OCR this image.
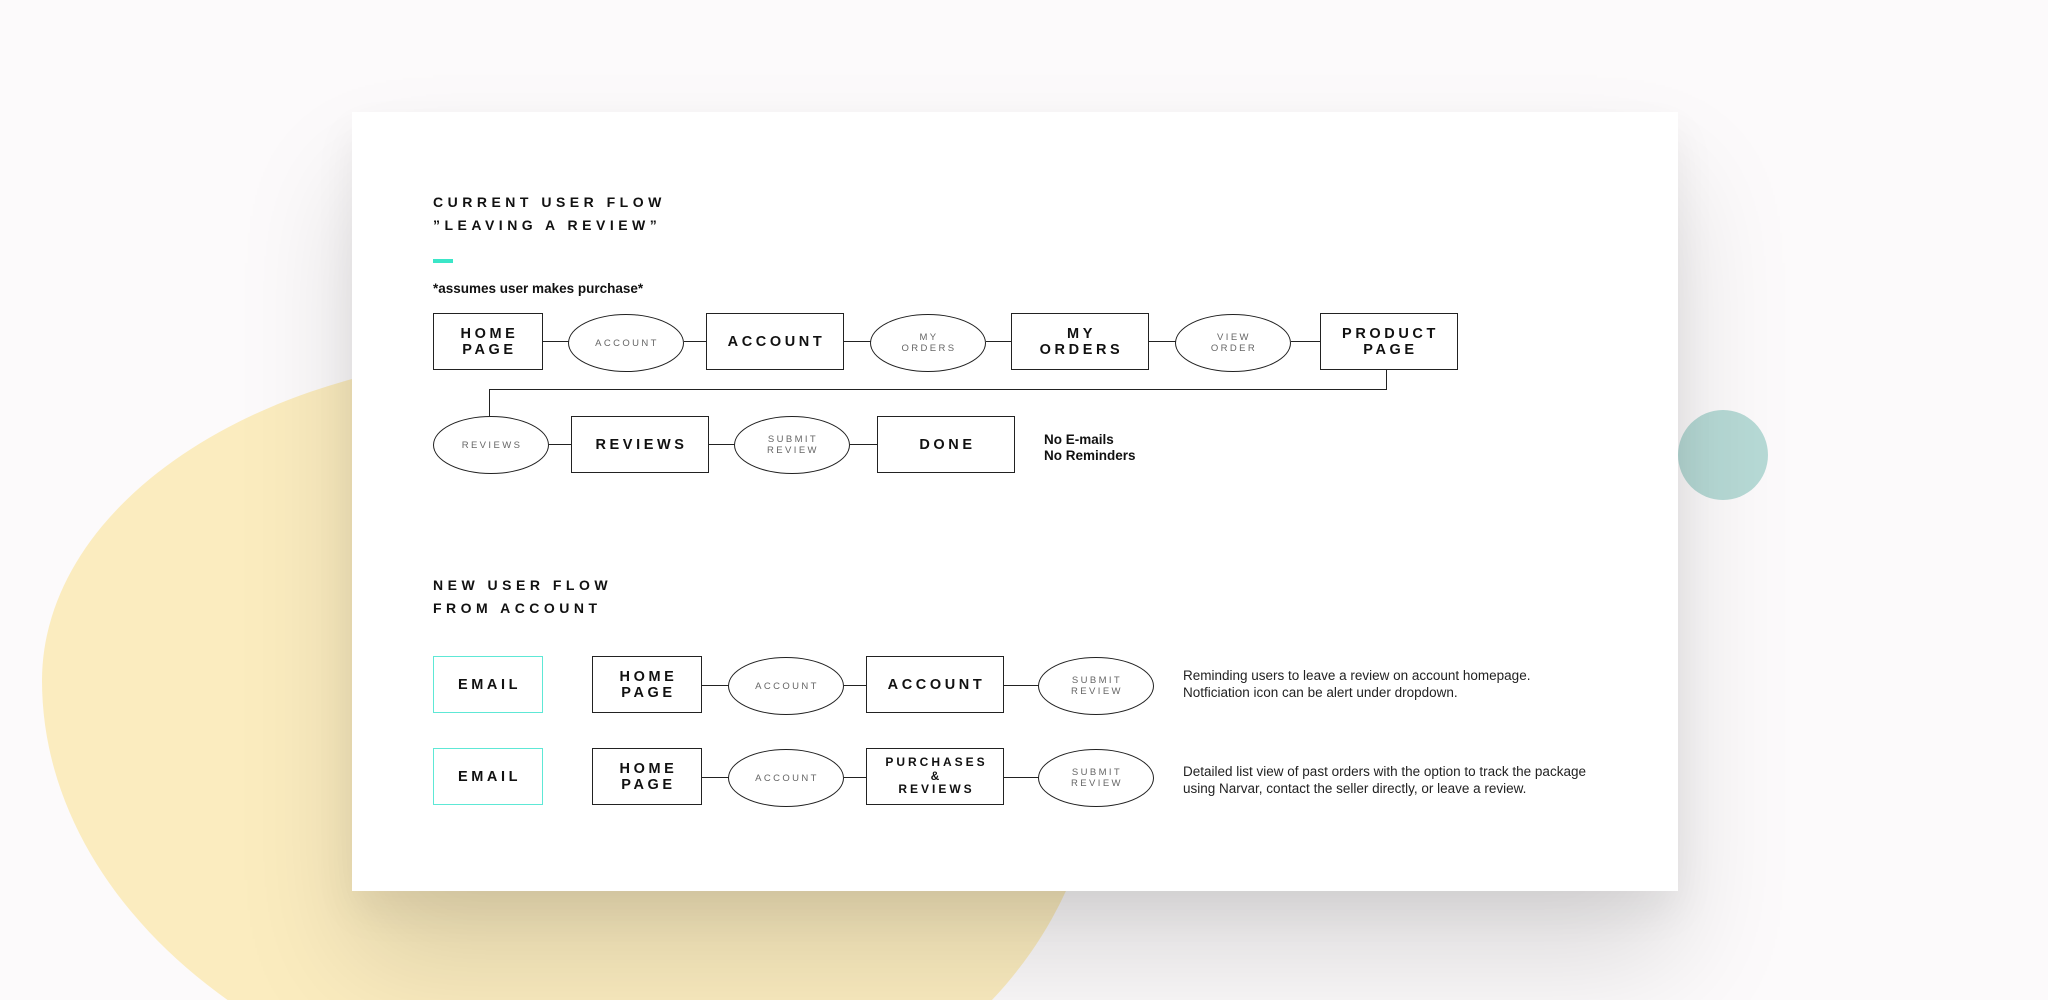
CURRENT USER FLOW
”LEAVING A REVIEW”
*assumes user makes purchase*
HOME
PAGE	ACCOUNT	ACCOUNT	MY
ORDERS
MY
ORDERS
VIEW
ORDER
PRODUCT
PAGE
REVIEWS	REVIEWS	SUBMIT
REVIEW	DONE	No E-mails
No Reminders
NEW USER FLOW
FROM ACCOUNT
EMAIL	HOME
PAGE	ACCOUNT	ACCOUNT	SUBMIT
REVIEW
Reminding users to leave a review on account homepage.
Notficiation icon can be alert under dropdown.
EMAIL	HOME
PAGE	ACCOUNT
PURCHASES
&
REVIEWS
SUBMIT
REVIEW
Detailed list view of past orders with the option to track the package
using Narvar, contact the seller directly, or leave a review.
